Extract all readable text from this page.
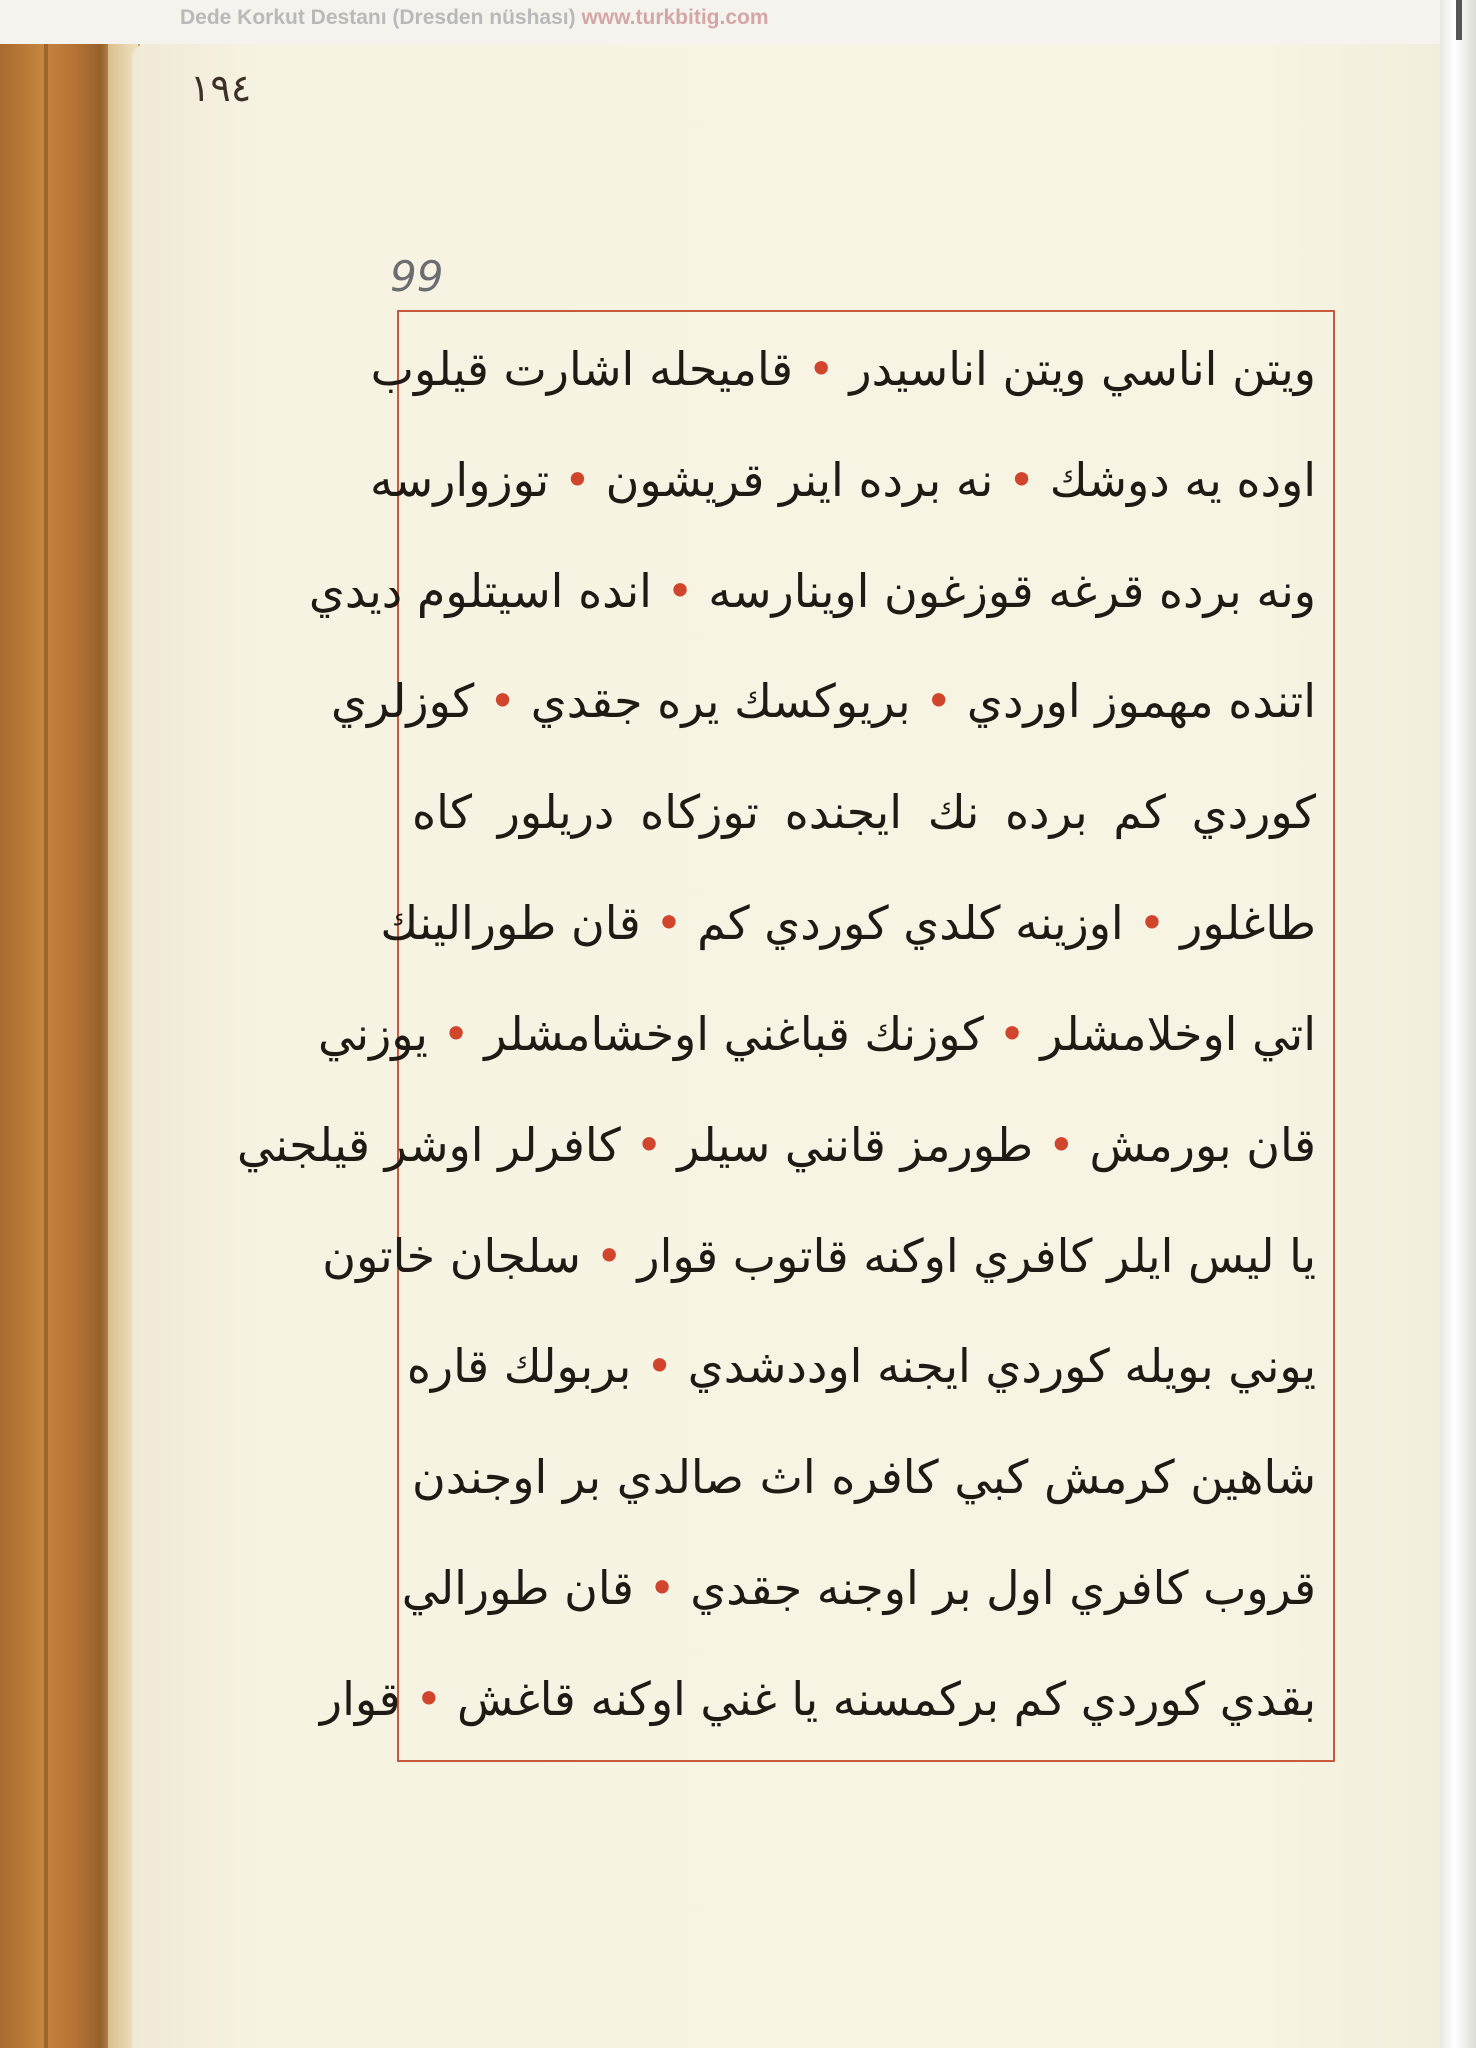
Dede Korkut Destanı (Dresden nüshası) www.turkbitig.com
١٩٤
99
ويتن اناسي ويتن اناسيدر • قاميحله اشارت قيلوب
اوده يه دوشك • نه برده اينر قريشون • توزوارسه
ونه برده قرغه قوزغون اوينارسه • انده اسيتلوم ديدي
اتنده مهموز اوردي • بريوكسك يره جقدي • كوزلري
كوردي كم برده نك ايجنده توزكاه دريلور كاه
طاغلور • اوزينه كلدي كوردي كم • قان طورالينك
اتي اوخلامشلر • كوزنك قباغني اوخشامشلر • يوزني
قان بورمش • طورمز قانني سيلر • كافرلر اوشر قيلجني
يا ليس ايلر كافري اوكنه قاتوب قوار • سلجان خاتون
يوني بويله كوردي ايجنه اوددشدي • بربولك قاره
شاهين كرمش كبي كافره اث صالدي بر اوجندن
قروب كافري اول بر اوجنه جقدي • قان طورالي
بقدي كوردي كم بركمسنه يا غني اوكنه قاغش • قوار
